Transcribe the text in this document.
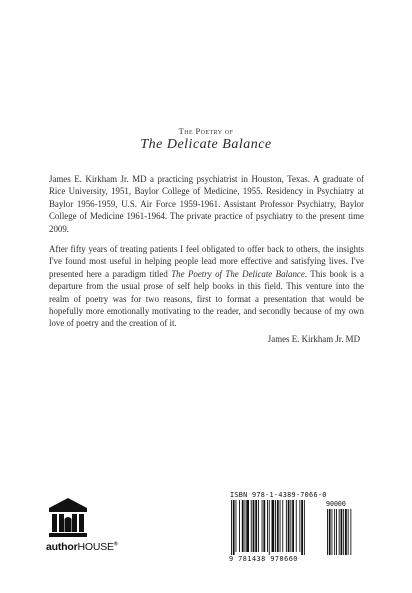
The Poetry of
The Delicate Balance
James E. Kirkham Jr. MD a practicing psychiatrist in Houston, Texas. A graduate of Rice University, 1951, Baylor College of Medicine, 1955. Residency in Psychiatry at Baylor 1956-1959, U.S. Air Force 1959-1961. Assistant Professor Psychiatry, Baylor College of Medicine 1961-1964. The private practice of psychiatry to the present time 2009.
After fifty years of treating patients I feel obligated to offer back to others, the insights I've found most useful in helping people lead more effective and satisfying lives. I've presented here a paradigm titled The Poetry of The Delicate Balance. This book is a departure from the usual prose of self help books in this field. This venture into the realm of poetry was for two reasons, first to format a presentation that would be hopefully more emotionally motivating to the reader, and secondly because of my own love of poetry and the creation of it.
James E. Kirkham Jr. MD
authorHOUSE®
ISBN 978-1-4389-7066-0
90000
9 781438 970660
